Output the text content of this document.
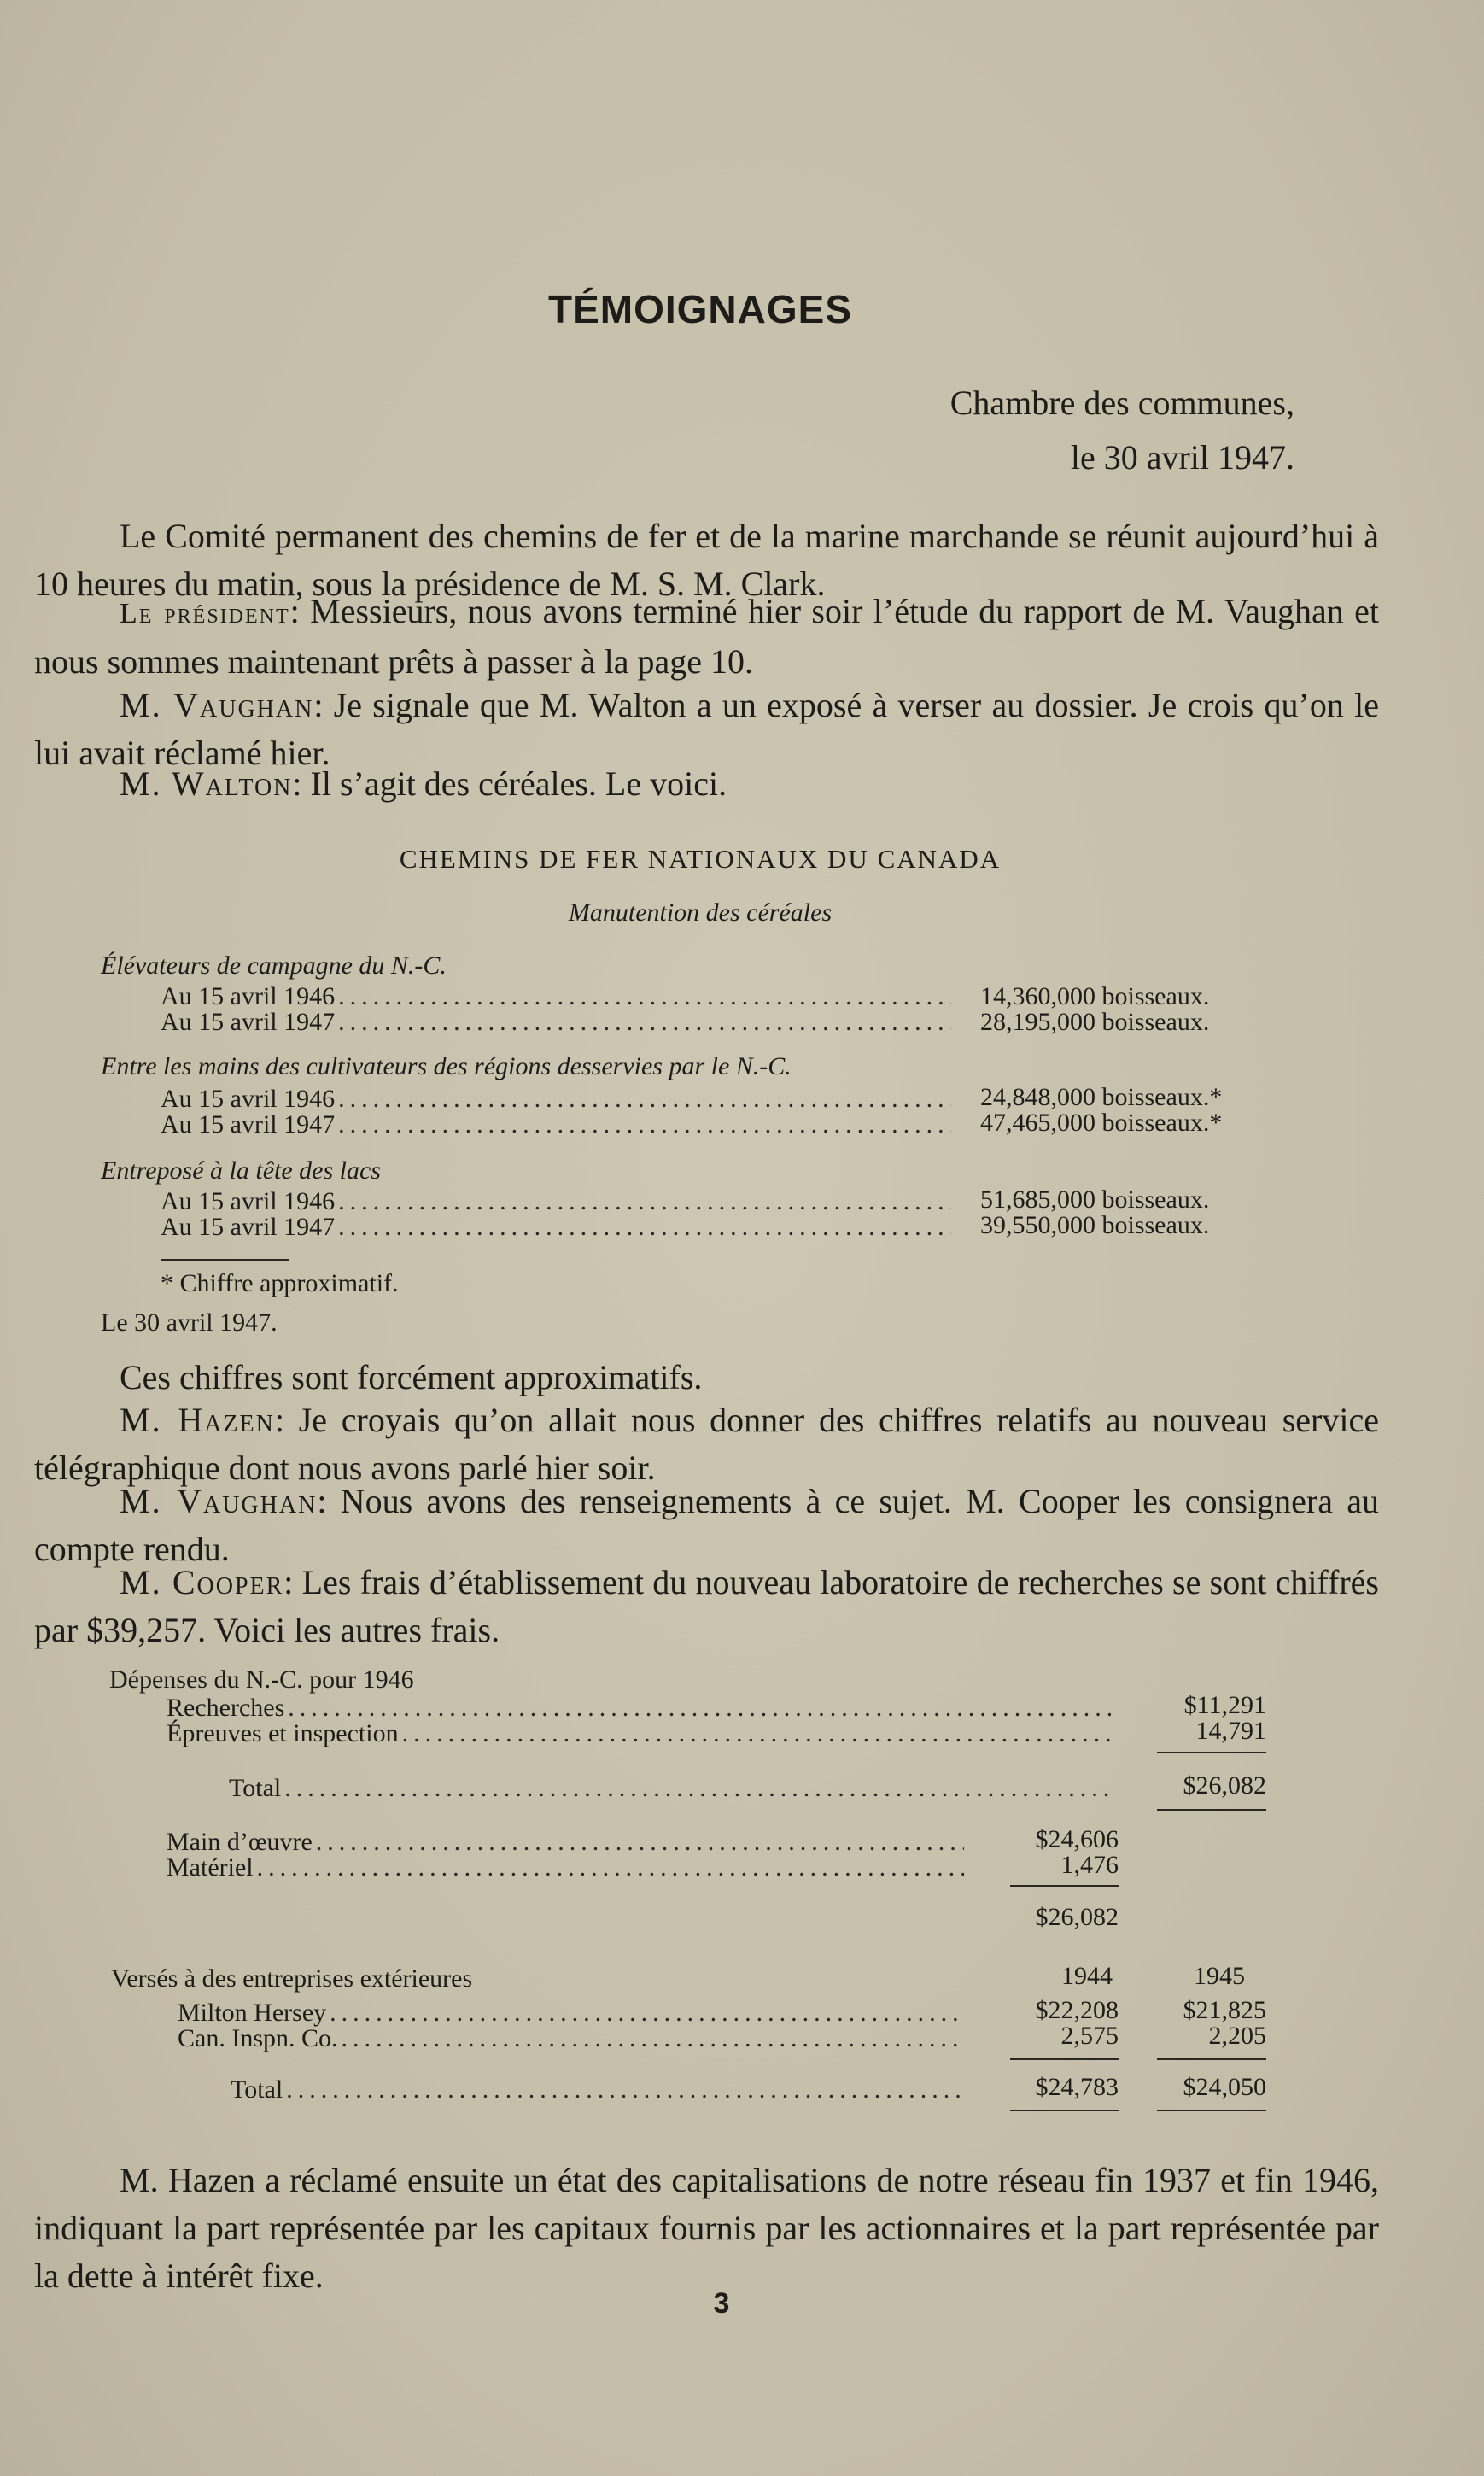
TÉMOIGNAGES
Chambre des communes,
le 30 avril 1947.
Le Comité permanent des chemins de fer et de la marine marchande se réunit aujourd’hui à 10 heures du matin, sous la présidence de M. S. M. Clark.
Le président: Messieurs, nous avons terminé hier soir l’étude du rapport de M. Vaughan et nous sommes maintenant prêts à passer à la page 10.
M. Vaughan: Je signale que M. Walton a un exposé à verser au dossier. Je crois qu’on le lui avait réclamé hier.
M. Walton: Il s’agit des céréales. Le voici.
CHEMINS DE FER NATIONAUX DU CANADA
Manutention des céréales
Élévateurs de campagne du N.-C.
Au 15 avril 1946 .....	14,360,000 boisseaux.
Au 15 avril 1947 .....	28,195,000 boisseaux.
Entre les mains des cultivateurs des régions desservies par le N.-C.
Au 15 avril 1946 .....	24,848,000 boisseaux.*
Au 15 avril 1947 .....	47,465,000 boisseaux.*
Entreposé à la tête des lacs
Au 15 avril 1946 .....	51,685,000 boisseaux.
Au 15 avril 1947 .....	39,550,000 boisseaux.
* Chiffre approximatif.
Le 30 avril 1947.
Ces chiffres sont forcément approximatifs.
M. Hazen: Je croyais qu’on allait nous donner des chiffres relatifs au nouveau service télégraphique dont nous avons parlé hier soir.
M. Vaughan: Nous avons des renseignements à ce sujet. M. Cooper les consignera au compte rendu.
M. Cooper: Les frais d’établissement du nouveau laboratoire de recherches se sont chiffrés par $39,257. Voici les autres frais.
Dépenses du N.-C. pour 1946
Recherches .....	$11,291
Épreuves et inspection .....	14,791
Total .....	$26,082
Main d’œuvre .....	$24,606
Matériel .....	1,476
$26,082
Versés à des entreprises extérieures	1944	1945
Milton Hersey .....	$22,208	$21,825
Can. Inspn. Co. .....	2,575	2,205
Total .....	$24,783	$24,050
M. Hazen a réclamé ensuite un état des capitalisations de notre réseau fin 1937 et fin 1946, indiquant la part représentée par les capitaux fournis par les actionnaires et la part représentée par la dette à intérêt fixe.
3
